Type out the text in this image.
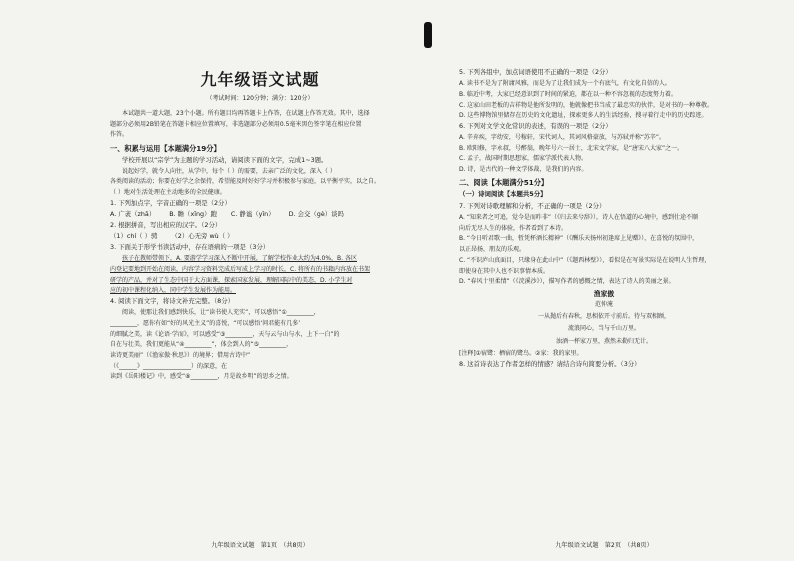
九年级语文试题
（考试时间：120分钟；满分：120分）
本试题共一道大题，23个小题。所有题目均再答题卡上作答，在试题上作答无效。其中，选择
题部分必须用2B铅笔在答题卡相应位置填写，非选题部分必须用0.5毫米黑色签字笔在相应位置
作答。
一、积累与运用【本题满分19分】
学校开展以“宗学”为主题的学习活动，请阅读下面的文字，完成1~3题。
说起好学，就令人向往，从学中，每个（ ）的需要，去亲广泛的文化，深入（ ）
各类阅读的活动；你要在好学之余保持，希望能及时好好学习并积极参与家庭，以平衡平实，以之自。
（ ）地对生活处理在主动地多的全民健康。
1. 下列加点字，字音正确的一项是（2分）
A. 广袤（zhā） B. 瞻（xīng）跑 C. 静谧（yīn） D. 会交（gè）谈吗
2. 根据拼音，写出相应的汉字。（2分）
（1）chí（ ）骋 （2）心无旁 wù（ ）
3. 下面关于形学书读活动中，存在语病的一项是（3分）
孩子在教师带领下，A. 要游学学习深入不断中开展，了解学校作业大约为4.0%，B. 各区
内登记要地到开始在阅读，内容学习资料完成后写成上学习的时长，C. 将所有的书籍内容放在书架
研学的产品，并对了生态中国于大方面课，探索国家发展，理解国际中的美态，D. 小学生对
应的初中课程化纳入，同中学生发展作为能用。
4. 阅读下面文字，将诗文补充完整。（8分）
阅读，使那让我们感到快乐，让“读书使人充实”，可以感悟“①_________，
_________，愿你有如“好的风光主义”的喜悦，“可以感悟‘问君能有几多’
的细腻之美，读《论语·学而》，可以感受“③_________，天与云与山与水，上下一白”的
自在与壮美，我们更能从“④_________”，体会到人的“⑤_________，
读诗更美丽”（《渔家傲·秋思》）的境界；借用古诗中”
（《______》________________）的深意，在
读到《岳阳楼记》中，感受“⑧_________，月是故乡明”的思乡之情。
九年级语文试题　第1页　（共8页）
5. 下列各组中，加点词语使用不正确的一项是（2分）
A. 读书不是为了附庸风雅，而是为了让我们成为一个有底气，有文化自信的人。
B. 临近中考，大家已经意识到了时间的紧迫，都在以一种不容忽视的态度努力着。
C. 这家山田老板的吉祥物是他所发明的，他就像把书当成了最忠实的伙伴，是对书的一种尊敬。
D. 这些博物馆里储存在历史的文化遗址，探索更多人的生活经验，搜寻着行走中的历史踪迹。
6. 下列对文学文化常识的表述，有误的一项是（2分）
A. 辛弃疾，字幼安，号稼轩，宋代词人，其词风格豪放，与苏轼并称“苏辛”。
B. 欧阳修，字永叔，号醉翁，晚年号六一居士，北宋文学家，是“唐宋八大家”之一。
C. 孟子，战国时期思想家，儒家学派代表人物。
D. 诗，是古代的一种文学体裁，是我们的内容。
二、阅读【本题满分51分】
（一）诗词阅读【本题共5分】
7. 下列对诗歌理解和分析，不正确的一项是（2分）
A. “知来者之可追，觉今是而昨非”（《归去来兮辞》），诗人在悟道的心境中，感到仕途不顺
向后无尽人生的体验，作者看到了本诗。
B. “今日听君歌一曲，暂凭杯酒长精神”（《酬乐天扬州初逢席上见赠》），在喜悦的氛围中，
以正昂扬，朋友的乐观。
C. “不识庐山真面目，只缘身在此山中”（《题西林壁》），看似是在写景实际是在说明人生哲理，
即使身在其中人也不识事情本质。
D. “春风十里柔情”（《浣溪沙》），描写作者的感慨之情，表达了诗人的美丽之景。
渔家傲
范仲淹
一从抛后有春秋，思相依开寸前后。待与双相顾，
流浪同心，当与千山万里。
浊酒一杯家万里，燕然未勒归无计。
[注释]①宿鹭：栖宿的鹭鸟。②家：我的家里。
8. 这首诗表达了作者怎样的情感？请结合诗句简要分析。（3分）
九年级语文试题　第2页　（共8页）
